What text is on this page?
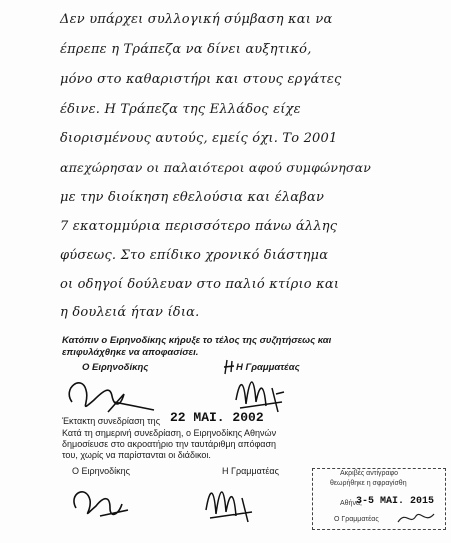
Δεν υπάρχει συλλογική σύμβαση και να
έπρεπε η Τράπεζα να δίνει αυξητικό,
μόνο στο καθαριστήρι και στους εργάτες
έδινε. Η Τράπεζα της Ελλάδος είχε
διορισμένους αυτούς, εμείς όχι. Το 2001
απεχώρησαν οι παλαιότεροι αφού συμφώνησαν
με την διοίκηση εθελούσια και έλαβαν
7 εκατομμύρια περισσότερο πάνω άλλης
φύσεως. Στο επίδικο χρονικό διάστημα
οι οδηγοί δούλευαν στο παλιό κτίριο και
η δουλειά ήταν ίδια.
Κατόπιν ο Ειρηνοδίκης κήρυξε το τέλος της συζητήσεως και
επιφυλάχθηκε να αποφασίσει.
Ο Ειρηνοδίκης	Η Γραμματέας
Έκτακτη συνεδρίαση της 22 ΜΑΙ. 2002
Κατά τη σημερινή συνεδρίαση, ο Ειρηνοδίκης Αθηνών
δημοσίευσε στο ακροατήριο την ταυτάριθμη απόφαση
του, χωρίς να παρίστανται οι διάδικοι.
Ο Ειρηνοδίκης	Η Γραμματέας	Ακριβές αντίγραφο
θεωρήθηκε η σφραγίσθη
Αθήνα,
3-5 MAI. 2015
Ο Γραμματέας
